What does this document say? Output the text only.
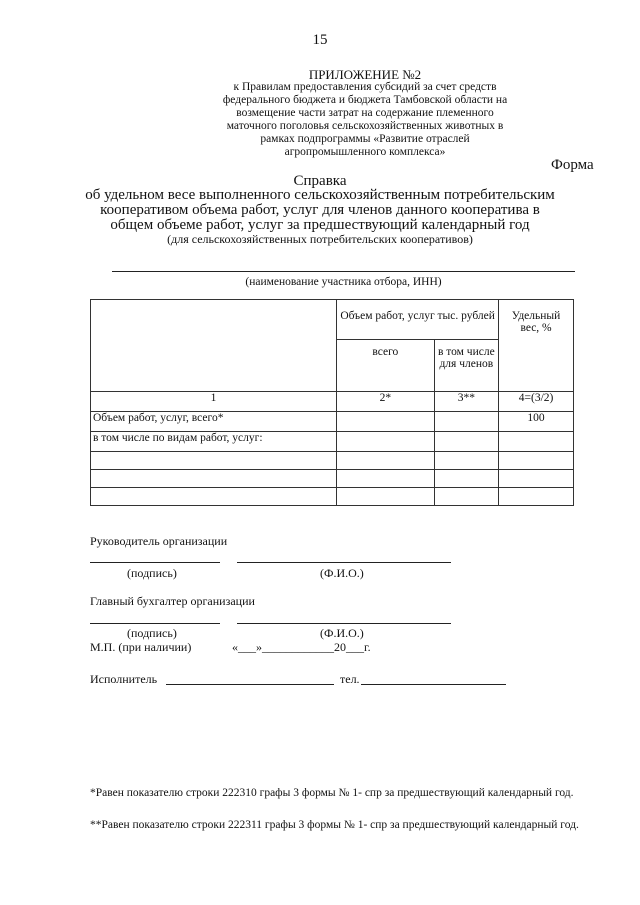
15
ПРИЛОЖЕНИЕ №2
к Правилам предоставления субсидий за счет средств
федерального бюджета и бюджета Тамбовской области на
возмещение части затрат на содержание племенного
маточного поголовья сельскохозяйственных животных в
рамках подпрограммы «Развитие отраслей
агропромышленного комплекса»
Форма
Справка
об удельном весе выполненного сельскохозяйственным потребительским кооперативом объема работ, услуг для членов данного кооператива в общем объеме работ, услуг за предшествующий календарный год
(для сельскохозяйственных потребительских кооперативов)
(наименование участника отбора, ИНН)
	Объем работ, услуг тыс. рублей		Удельный вес, %
	всего	в том числе для членов	
1	2*	3**	4=(3/2)
Объем работ, услуг, всего*			100
в том числе по видам работ, услуг:			

Руководитель организации
(подпись)	(Ф.И.О.)
Главный бухгалтер организации
(подпись)	(Ф.И.О.)
М.П. (при наличии)	«___»____________20___г.
Исполнитель	тел.
*Равен показателю строки 222310 графы 3 формы № 1- спр за предшествующий календарный год.
**Равен показателю строки 222311 графы 3 формы № 1- спр за предшествующий календарный год.
